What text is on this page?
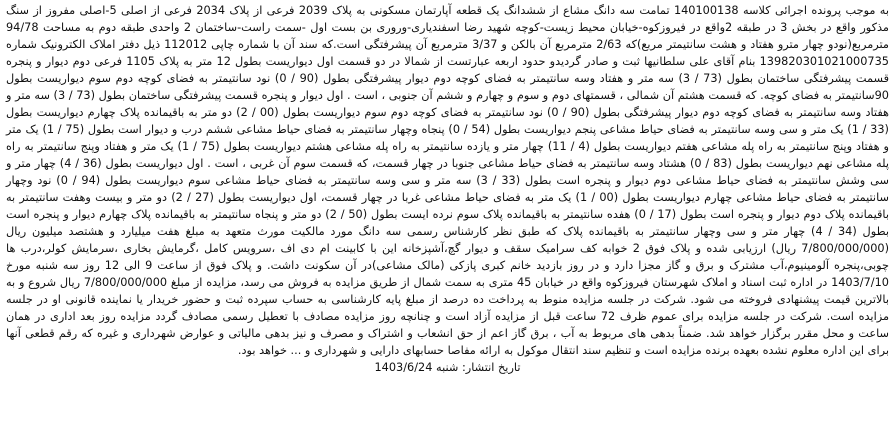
به موجب پرونده اجرائی کلاسه 140100138 تمامت سه دانگ مشاع از ششدانگ یک قطعه آپارتمان مسکونی به پلاک 2039 فرعی از پلاک 2034 فرعی از اصلی 5-اصلی مفروز از سنگ مذکور واقع در بخش 3 در طبقه 2واقع در فیروزکوه-خیابان محیط زیست-کوچه شهید رضا اسفندیاری-وروری بن بست اول -سمت راست-ساختمان 2 واحدی طبقه دوم به مساحت 94/78 مترمربع(نودو چهار مترو هفتاد و هشت سانتیمتر مربع)که 2/63 مترمربع آن بالکن و 3/37 مترمربع آن پیشرفتگی است.که سند آن با شماره چاپی 112012 ذیل دفتر املاک الکترونیک شماره 139820301021000735 بنام آقای علی سلطانیها ثبت و صادر گردیدو حدود اربعه عبارتست از شمالا در دو قسمت اول دیواریست بطول 12 متر به پلاک 1105 فرعی دوم دیوار و پنجره قسمت پیشرفتگی ساختمان بطول (73 / 3) سه متر و هفتاد وسه سانتیمتر به فضای کوچه دوم دیوار پیشرفتگی بطول (90 / 0) نود سانتیمتر به فضای کوچه دوم سوم دیواریست بطول 90سانتیمتر به فضای کوچه. که قسمت هشتم آن شمالی ، قسمتهای دوم و سوم و چهارم و ششم آن جنوبی ، است . اول دیوار و پنجره قسمت پیشرفتگی ساختمان بطول (73 / 3) سه متر و هفتاد وسه سانتیمتر به فضای کوچه دوم دیوار پیشرفتگی بطول (90 / 0) نود سانتیمتر به فضای کوچه دوم سوم دیواریست بطول (00 / 2) دو متر به باقیمانده پلاک چهارم دیواریست بطول (33 / 1) یک متر و سی وسه سانتیمتر به فضای حیاط مشاعی پنجم دیواریست بطول (54 / 0) پنجاه وچهار سانتیمتر به فضای حیاط مشاعی ششم درب و دیوار است بطول (75 / 1) یک متر و هفتاد وپنج سانتیمتر به راه پله مشاعی هفتم دیواریست بطول (4 / 11) چهار متر و یازده سانتیمتر به راه پله مشاعی هشتم دیواریست بطول (75 / 1) یک متر و هفتاد وپنج سانتیمتر به راه پله مشاعی نهم دیواریست بطول (83 / 0) هشتاد وسه سانتیمتر به فضای حیاط مشاعی جنوبا در چهار قسمت، که قسمت سوم آن غربی ، است . اول دیواریست بطول (36 / 4) چهار متر و سی وشش سانتیمتر به فضای حیاط مشاعی دوم دیوار و پنجره است بطول (33 / 3) سه متر و سی وسه سانتیمتر به فضای حیاط مشاعی سوم دیواریست بطول (94 / 0) نود وچهار سانتیمتر به فضای حیاط مشاعی چهارم دیواریست بطول (00 / 1) یک متر به فضای حیاط مشاعی غربا در چهار قسمت، اول دیواریست بطول (27 / 2) دو متر و بیست وهفت سانتیمتر به باقیمانده پلاک دوم دیوار و پنجره است بطول (17 / 0) هفده سانتیمتر به باقیمانده پلاک سوم نرده ایست بطول (50 / 2) دو متر و پنجاه سانتیمتر به باقیمانده پلاک چهارم دیوار و پنجره است بطول (34 / 4) چهار متر و سی وچهار سانتیمتر به باقیمانده پلاک که طبق نظر کارشناس رسمی سه دانگ مورد مالکیت مورث متعهد به مبلغ هفت میلیارد و هشتصد میلیون ریال (7/800/000/000 ریال) ارزیابی شده و پلاک فوق 2 خوابه کف سرامیک سقف و دیوار گچ،آشپزخانه این با کابینت ام دی اف ،سرویس کامل ،گرمایش بخاری ،سرمایش کولر،درب ها چوبی،پنجره آلومینیوم،آب مشترک و برق و گاز مجزا دارد و در روز بازدید خانم کبری پازکی (مالک مشاعی)در آن سکونت داشت. و پلاک فوق از ساعت 9 الی 12 روز سه شنبه مورخ 1403/7/10 در اداره ثبت اسناد و املاک شهرستان فیروزکوه واقع در خیابان 45 متری به سمت شمال از طریق مزایده به فروش می رسد، مزایده از مبلغ 7/800/000/000 ریال شروع و به بالاترین قیمت پیشنهادی فروخته می شود. شرکت در جلسه مزایده منوط به پرداخت ده درصد از مبلغ پایه کارشناسی به حساب سپرده ثبت و حضور خریدار یا نماینده قانونی او در جلسه مزایده است. شرکت در جلسه مزایده برای عموم ظرف 72 ساعت قبل از مزایده آزاد است و چنانچه روز مزایده مصادف با تعطیل رسمی مصادف گردد مزایده روز بعد اداری در همان ساعت و محل مقرر برگزار خواهد شد. ضمناً بدهی های مربوط به آب ، برق گاز اعم از حق انشعاب و اشتراک و مصرف و نیز بدهی مالیاتی و عوارض شهرداری و غیره که رقم قطعی آنها برای این اداره معلوم نشده بعهده برنده مزایده است و تنظیم سند انتقال موکول به ارائه مفاصا حسابهای دارایی و شهرداری و ... خواهد بود.

تاریخ انتشار: شنبه 1403/6/24
